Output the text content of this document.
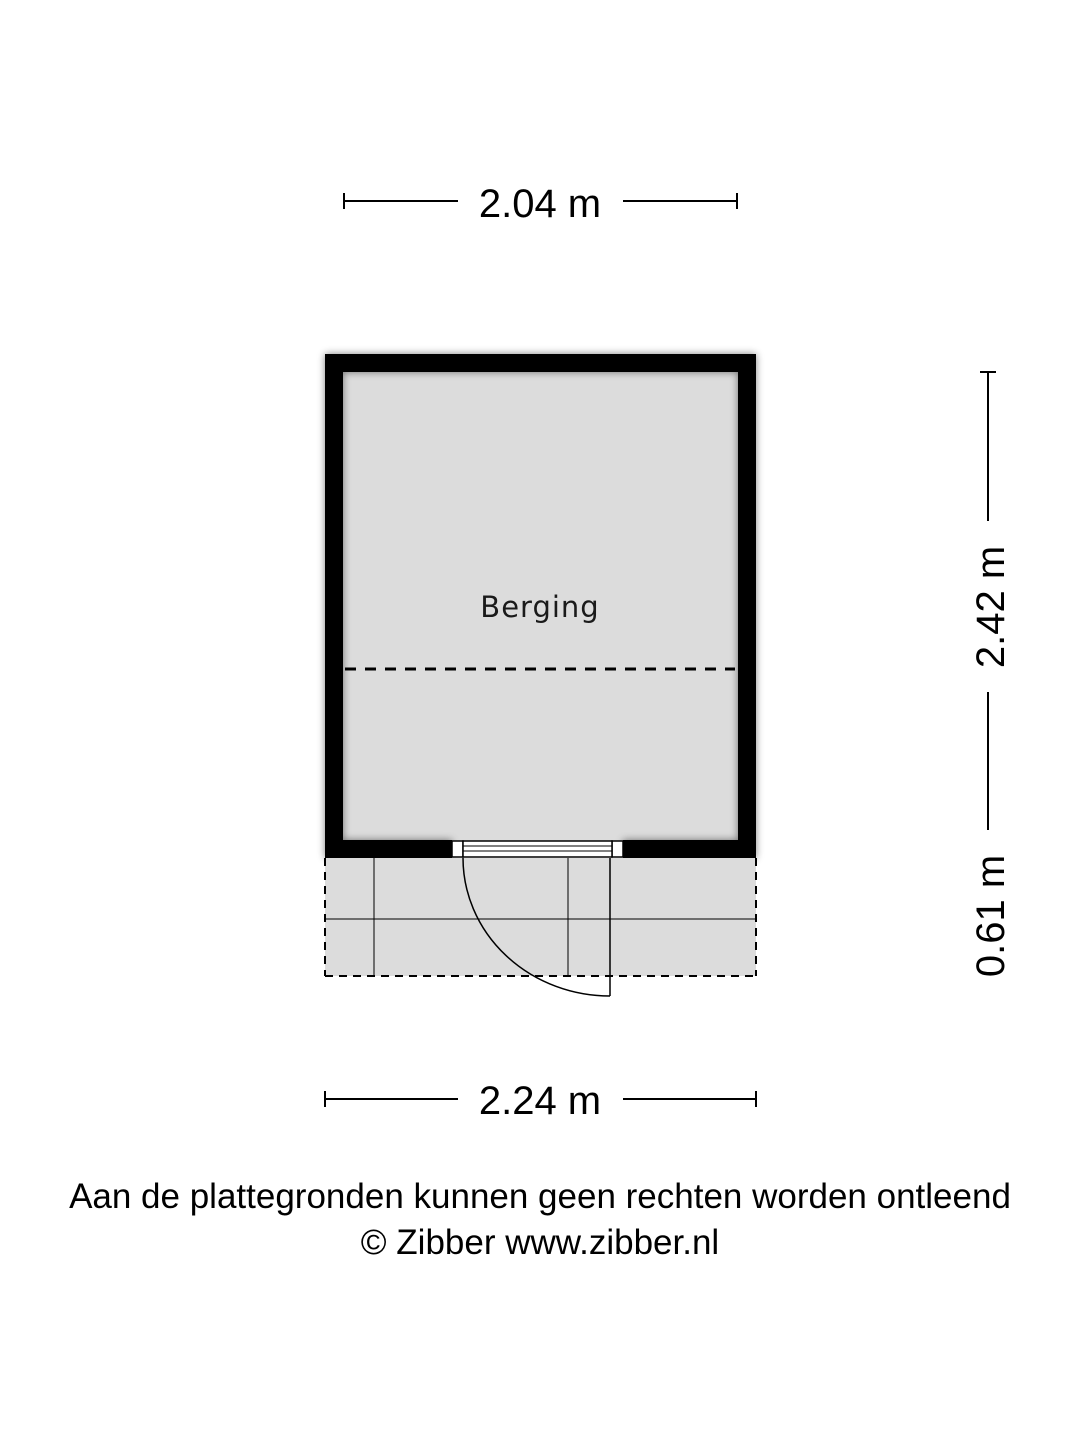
2.04 m
Berging	2.42 m
0.61 m
2.24 m
Aan de plattegronden kunnen geen rechten worden ontleend
© Zibber www.zibber.nl
